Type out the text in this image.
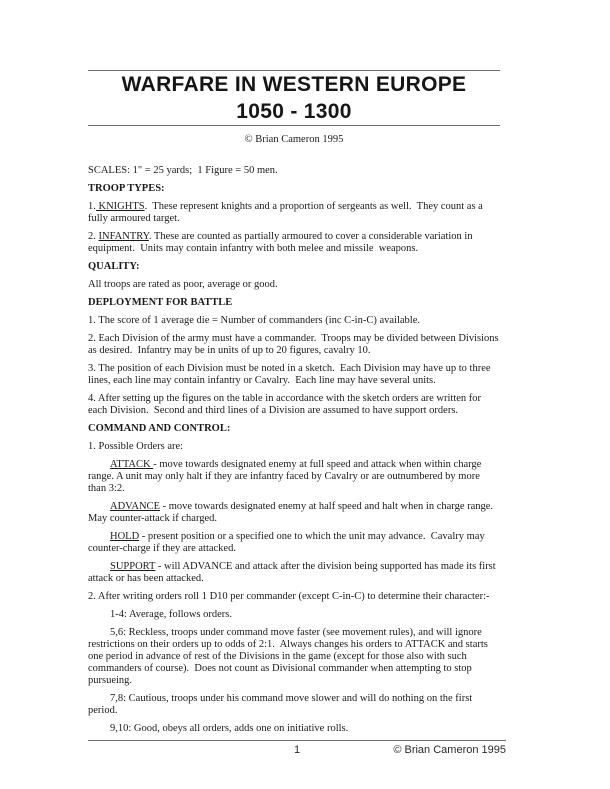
WARFARE IN WESTERN EUROPE
1050 - 1300
© Brian Cameron 1995

SCALES: 1" = 25 yards;  1 Figure = 50 men.

TROOP TYPES:

1. KNIGHTS.  These represent knights and a proportion of sergeants as well.  They count as a fully armoured target.

2. INFANTRY. These are counted as partially armoured to cover a considerable variation in equipment.  Units may contain infantry with both melee and missile  weapons.

QUALITY:

All troops are rated as poor, average or good.

DEPLOYMENT FOR BATTLE

1. The score of 1 average die = Number of commanders (inc C-in-C) available.

2. Each Division of the army must have a commander.  Troops may be divided between Divisions as desired.  Infantry may be in units of up to 20 figures, cavalry 10.

3. The position of each Division must be noted in a sketch.  Each Division may have up to three lines, each line may contain infantry or Cavalry.  Each line may have several units.

4. After setting up the figures on the table in accordance with the sketch orders are written for each Division.  Second and third lines of a Division are assumed to have support orders.

COMMAND AND CONTROL:

1. Possible Orders are:

ATTACK - move towards designated enemy at full speed and attack when within charge range. A unit may only halt if they are infantry faced by Cavalry or are outnumbered by more than 3:2.

ADVANCE - move towards designated enemy at half speed and halt when in charge range. May counter-attack if charged.

HOLD - present position or a specified one to which the unit may advance.  Cavalry may counter-charge if they are attacked.

SUPPORT - will ADVANCE and attack after the division being supported has made its first attack or has been attacked.

2. After writing orders roll 1 D10 per commander (except C-in-C) to determine their character:-

1-4: Average, follows orders.

5,6: Reckless, troops under command move faster (see movement rules), and will ignore restrictions on their orders up to odds of 2:1.  Always changes his orders to ATTACK and starts one period in advance of rest of the Divisions in the game (except for those also with such commanders of course).  Does not count as Divisional commander when attempting to stop pursueing.

7,8: Cautious, troops under his command move slower and will do nothing on the first period.

9,10: Good, obeys all orders, adds one on initiative rolls.

1	© Brian Cameron 1995
